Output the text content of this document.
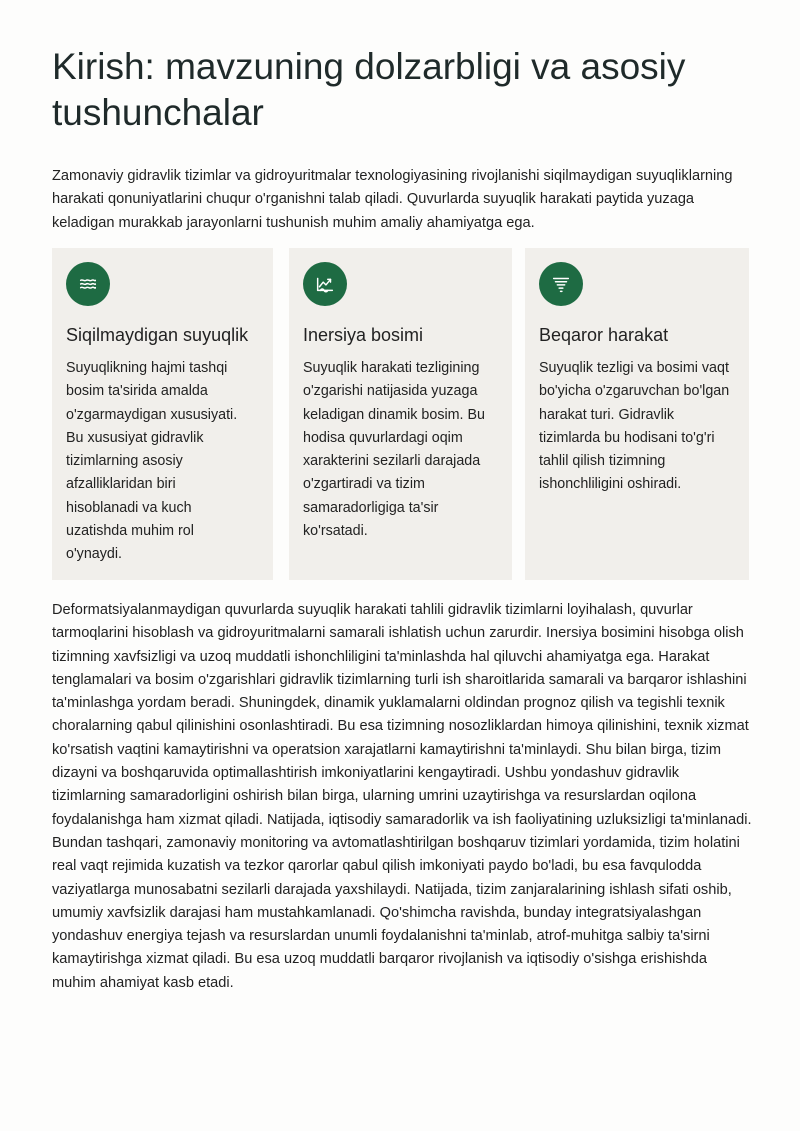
Kirish: mavzuning dolzarbligi va asosiy tushunchalar

Zamonaviy gidravlik tizimlar va gidroyuritmalar texnologiyasining rivojlanishi siqilmaydigan suyuqliklarning harakati qonuniyatlarini chuqur o'rganishni talab qiladi. Quvurlarda suyuqlik harakati paytida yuzaga keladigan murakkab jarayonlarni tushunish muhim amaliy ahamiyatga ega.

Siqilmaydigan suyuqlik

Suyuqlikning hajmi tashqi bosim ta'sirida amalda o'zgarmaydigan xususiyati. Bu xususiyat gidravlik tizimlarning asosiy afzalliklaridan biri hisoblanadi va kuch uzatishda muhim rol o'ynaydi.

Inersiya bosimi

Suyuqlik harakati tezligining o'zgarishi natijasida yuzaga keladigan dinamik bosim. Bu hodisa quvurlardagi oqim xarakterini sezilarli darajada o'zgartiradi va tizim samaradorligiga ta'sir ko'rsatadi.

Beqaror harakat

Suyuqlik tezligi va bosimi vaqt bo'yicha o'zgaruvchan bo'lgan harakat turi. Gidravlik tizimlarda bu hodisani to'g'ri tahlil qilish tizimning ishonchliligini oshiradi.

Deformatsiyalanmaydigan quvurlarda suyuqlik harakati tahlili gidravlik tizimlarni loyihalash, quvurlar tarmoqlarini hisoblash va gidroyuritmalarni samarali ishlatish uchun zarurdir. Inersiya bosimini hisobga olish tizimning xavfsizligi va uzoq muddatli ishonchliligini ta'minlashda hal qiluvchi ahamiyatga ega. Harakat tenglamalari va bosim o'zgarishlari gidravlik tizimlarning turli ish sharoitlarida samarali va barqaror ishlashini ta'minlashga yordam beradi. Shuningdek, dinamik yuklamalarni oldindan prognoz qilish va tegishli texnik choralarning qabul qilinishini osonlashtiradi. Bu esa tizimning nosozliklardan himoya qilinishini, texnik xizmat ko'rsatish vaqtini kamaytirishni va operatsion xarajatlarni kamaytirishni ta'minlaydi. Shu bilan birga, tizim dizayni va boshqaruvida optimallashtirish imkoniyatlarini kengaytiradi. Ushbu yondashuv gidravlik tizimlarning samaradorligini oshirish bilan birga, ularning umrini uzaytirishga va resurslardan oqilona foydalanishga ham xizmat qiladi. Natijada, iqtisodiy samaradorlik va ish faoliyatining uzluksizligi ta'minlanadi. Bundan tashqari, zamonaviy monitoring va avtomatlashtirilgan boshqaruv tizimlari yordamida, tizim holatini real vaqt rejimida kuzatish va tezkor qarorlar qabul qilish imkoniyati paydo bo'ladi, bu esa favqulodda vaziyatlarga munosabatni sezilarli darajada yaxshilaydi. Natijada, tizim zanjaralarining ishlash sifati oshib, umumiy xavfsizlik darajasi ham mustahkamlanadi. Qo'shimcha ravishda, bunday integratsiyalashgan yondashuv energiya tejash va resurslardan unumli foydalanishni ta'minlab, atrof-muhitga salbiy ta'sirni kamaytirishga xizmat qiladi. Bu esa uzoq muddatli barqaror rivojlanish va iqtisodiy o'sishga erishishda muhim ahamiyat kasb etadi.
